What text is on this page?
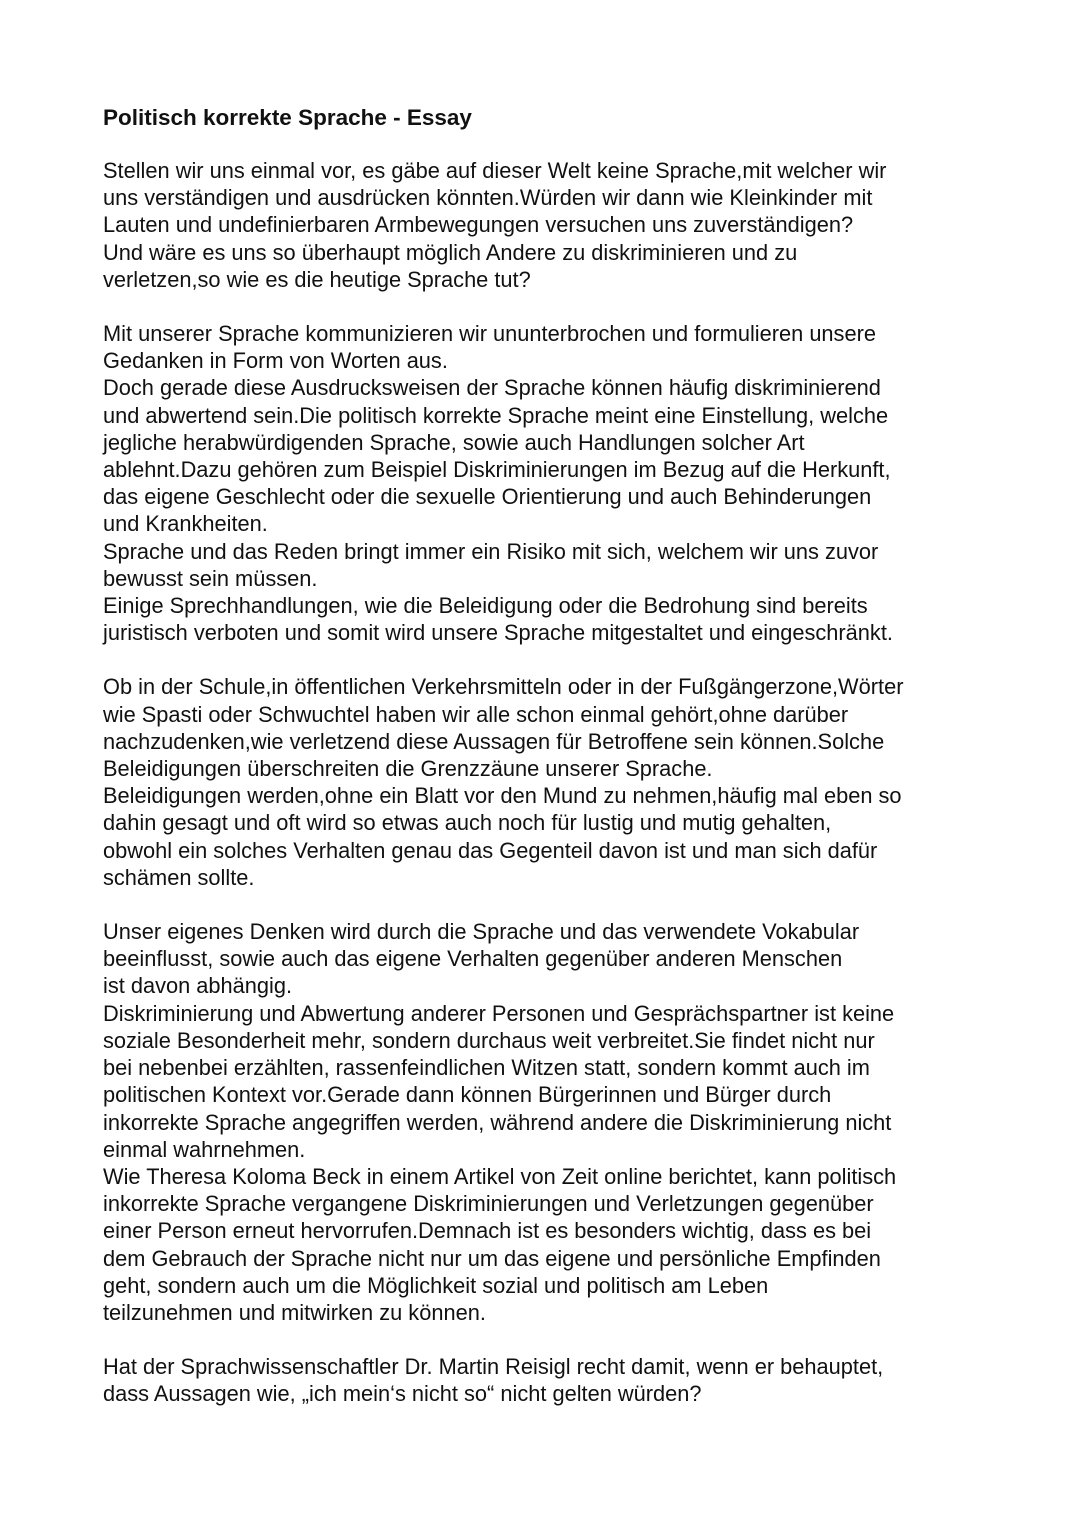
Politisch korrekte Sprache - Essay
Stellen wir uns einmal vor, es gäbe auf dieser Welt keine Sprache,mit welcher wir
uns verständigen und ausdrücken könnten.Würden wir dann wie Kleinkinder mit
Lauten und undefinierbaren Armbewegungen versuchen uns zuverständigen?
Und wäre es uns so überhaupt möglich Andere zu diskriminieren und zu
verletzen,so wie es die heutige Sprache tut?
Mit unserer Sprache kommunizieren wir ununterbrochen und formulieren unsere
Gedanken in Form von Worten aus.
Doch gerade diese Ausdrucksweisen der Sprache können häufig diskriminierend
und abwertend sein.Die politisch korrekte Sprache meint eine Einstellung, welche
jegliche herabwürdigenden Sprache, sowie auch Handlungen solcher Art
ablehnt.Dazu gehören zum Beispiel Diskriminierungen im Bezug auf die Herkunft,
das eigene Geschlecht oder die sexuelle Orientierung und auch Behinderungen
und Krankheiten.
Sprache und das Reden bringt immer ein Risiko mit sich, welchem wir uns zuvor
bewusst sein müssen.
Einige Sprechhandlungen, wie die Beleidigung oder die Bedrohung sind bereits
juristisch verboten und somit wird unsere Sprache mitgestaltet und eingeschränkt.
Ob in der Schule,in öffentlichen Verkehrsmitteln oder in der Fußgängerzone,Wörter
wie Spasti oder Schwuchtel haben wir alle schon einmal gehört,ohne darüber
nachzudenken,wie verletzend diese Aussagen für Betroffene sein können.Solche
Beleidigungen überschreiten die Grenzzäune unserer Sprache.
Beleidigungen werden,ohne ein Blatt vor den Mund zu nehmen,häufig mal eben so
dahin gesagt und oft wird so etwas auch noch für lustig und mutig gehalten,
obwohl ein solches Verhalten genau das Gegenteil davon ist und man sich dafür
schämen sollte.
Unser eigenes Denken wird durch die Sprache und das verwendete Vokabular
beeinflusst, sowie auch das eigene Verhalten gegenüber anderen Menschen
ist davon abhängig.
Diskriminierung und Abwertung anderer Personen und Gesprächspartner ist keine
soziale Besonderheit mehr, sondern durchaus weit verbreitet.Sie findet nicht nur
bei nebenbei erzählten, rassenfeindlichen Witzen statt, sondern kommt auch im
politischen Kontext vor.Gerade dann können Bürgerinnen und Bürger durch
inkorrekte Sprache angegriffen werden, während andere die Diskriminierung nicht
einmal wahrnehmen.
Wie Theresa Koloma Beck in einem Artikel von Zeit online berichtet, kann politisch
inkorrekte Sprache vergangene Diskriminierungen und Verletzungen gegenüber
einer Person erneut hervorrufen.Demnach ist es besonders wichtig, dass es bei
dem Gebrauch der Sprache nicht nur um das eigene und persönliche Empfinden
geht, sondern auch um die Möglichkeit sozial und politisch am Leben
teilzunehmen und mitwirken zu können.
Hat der Sprachwissenschaftler Dr. Martin Reisigl recht damit, wenn er behauptet,
dass Aussagen wie, „ich mein‘s nicht so“ nicht gelten würden?
